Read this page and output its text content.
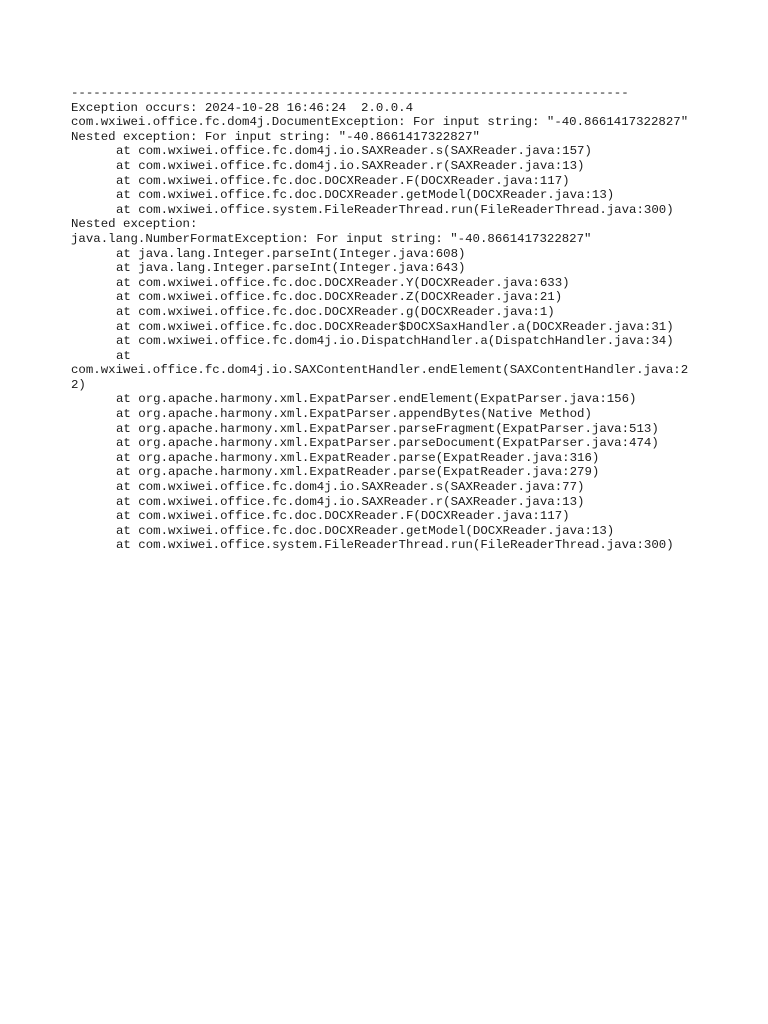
---------------------------------------------------------------------------
Exception occurs: 2024-10-28 16:46:24  2.0.0.4
com.wxiwei.office.fc.dom4j.DocumentException: For input string: "-40.8661417322827"
Nested exception: For input string: "-40.8661417322827"
at com.wxiwei.office.fc.dom4j.io.SAXReader.s(SAXReader.java:157)
at com.wxiwei.office.fc.dom4j.io.SAXReader.r(SAXReader.java:13)
at com.wxiwei.office.fc.doc.DOCXReader.F(DOCXReader.java:117)
at com.wxiwei.office.fc.doc.DOCXReader.getModel(DOCXReader.java:13)
at com.wxiwei.office.system.FileReaderThread.run(FileReaderThread.java:300)
Nested exception:
java.lang.NumberFormatException: For input string: "-40.8661417322827"
at java.lang.Integer.parseInt(Integer.java:608)
at java.lang.Integer.parseInt(Integer.java:643)
at com.wxiwei.office.fc.doc.DOCXReader.Y(DOCXReader.java:633)
at com.wxiwei.office.fc.doc.DOCXReader.Z(DOCXReader.java:21)
at com.wxiwei.office.fc.doc.DOCXReader.g(DOCXReader.java:1)
at com.wxiwei.office.fc.doc.DOCXReader$DOCXSaxHandler.a(DOCXReader.java:31)
at com.wxiwei.office.fc.dom4j.io.DispatchHandler.a(DispatchHandler.java:34)
at
com.wxiwei.office.fc.dom4j.io.SAXContentHandler.endElement(SAXContentHandler.java:2
2)
at org.apache.harmony.xml.ExpatParser.endElement(ExpatParser.java:156)
at org.apache.harmony.xml.ExpatParser.appendBytes(Native Method)
at org.apache.harmony.xml.ExpatParser.parseFragment(ExpatParser.java:513)
at org.apache.harmony.xml.ExpatParser.parseDocument(ExpatParser.java:474)
at org.apache.harmony.xml.ExpatReader.parse(ExpatReader.java:316)
at org.apache.harmony.xml.ExpatReader.parse(ExpatReader.java:279)
at com.wxiwei.office.fc.dom4j.io.SAXReader.s(SAXReader.java:77)
at com.wxiwei.office.fc.dom4j.io.SAXReader.r(SAXReader.java:13)
at com.wxiwei.office.fc.doc.DOCXReader.F(DOCXReader.java:117)
at com.wxiwei.office.fc.doc.DOCXReader.getModel(DOCXReader.java:13)
at com.wxiwei.office.system.FileReaderThread.run(FileReaderThread.java:300)
